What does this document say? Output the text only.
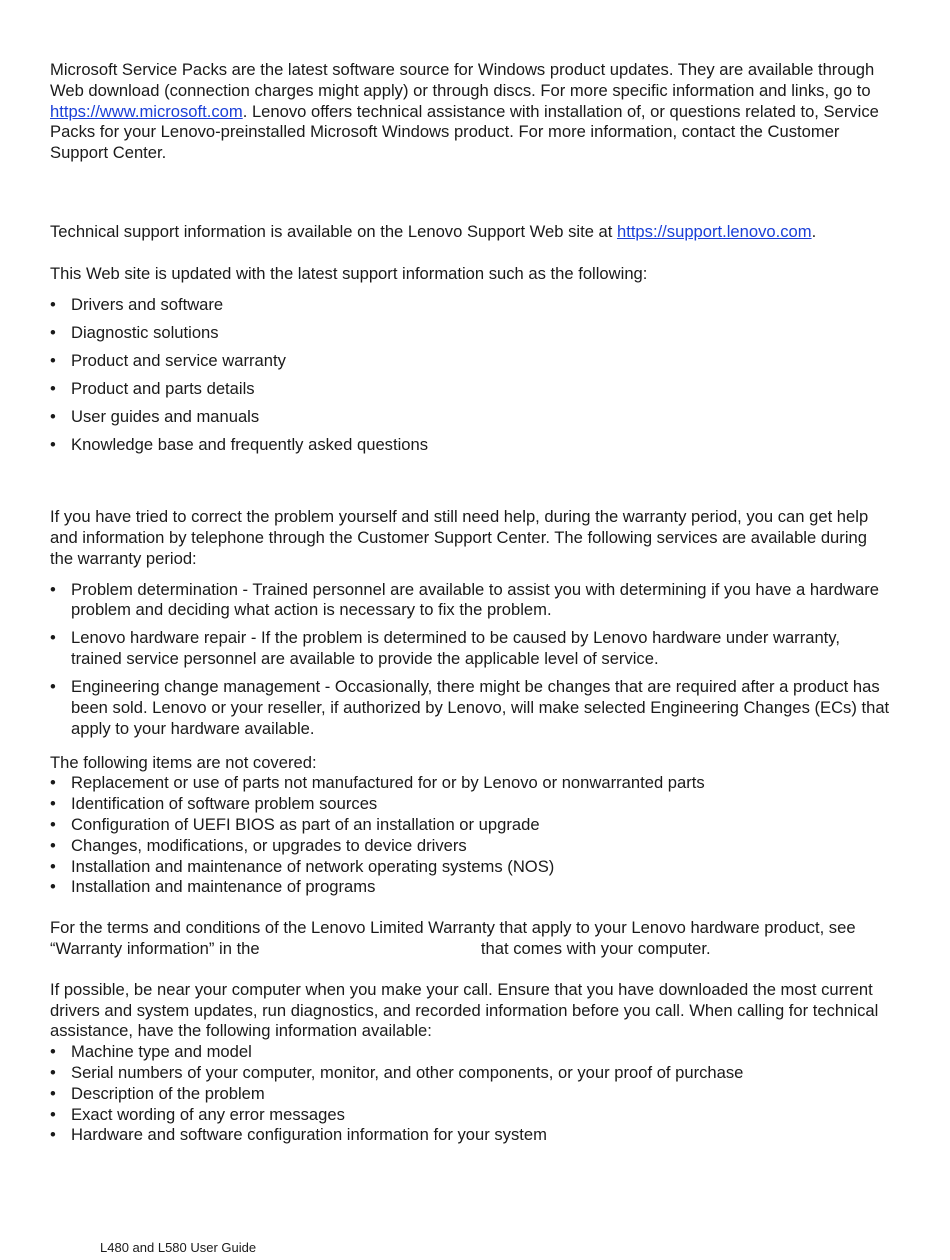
Microsoft Service Packs are the latest software source for Windows product updates. They are available through Web download (connection charges might apply) or through discs. For more specific information and links, go to https://www.microsoft.com. Lenovo offers technical assistance with installation of, or questions related to, Service Packs for your Lenovo-preinstalled Microsoft Windows product. For more information, contact the Customer Support Center.

Technical support information is available on the Lenovo Support Web site at https://support.lenovo.com.

This Web site is updated with the latest support information such as the following:

• Drivers and software
• Diagnostic solutions
• Product and service warranty
• Product and parts details
• User guides and manuals
• Knowledge base and frequently asked questions

If you have tried to correct the problem yourself and still need help, during the warranty period, you can get help and information by telephone through the Customer Support Center. The following services are available during the warranty period:

• Problem determination - Trained personnel are available to assist you with determining if you have a hardware problem and deciding what action is necessary to fix the problem.
• Lenovo hardware repair - If the problem is determined to be caused by Lenovo hardware under warranty, trained service personnel are available to provide the applicable level of service.
• Engineering change management - Occasionally, there might be changes that are required after a product has been sold. Lenovo or your reseller, if authorized by Lenovo, will make selected Engineering Changes (ECs) that apply to your hardware available.

The following items are not covered:

• Replacement or use of parts not manufactured for or by Lenovo or nonwarranted parts
• Identification of software problem sources
• Configuration of UEFI BIOS as part of an installation or upgrade
• Changes, modifications, or upgrades to device drivers
• Installation and maintenance of network operating systems (NOS)
• Installation and maintenance of programs

For the terms and conditions of the Lenovo Limited Warranty that apply to your Lenovo hardware product, see “Warranty information” in the	that comes with your computer.

If possible, be near your computer when you make your call. Ensure that you have downloaded the most current drivers and system updates, run diagnostics, and recorded information before you call. When calling for technical assistance, have the following information available:

• Machine type and model
• Serial numbers of your computer, monitor, and other components, or your proof of purchase
• Description of the problem
• Exact wording of any error messages
• Hardware and software configuration information for your system
L480 and L580 User Guide
